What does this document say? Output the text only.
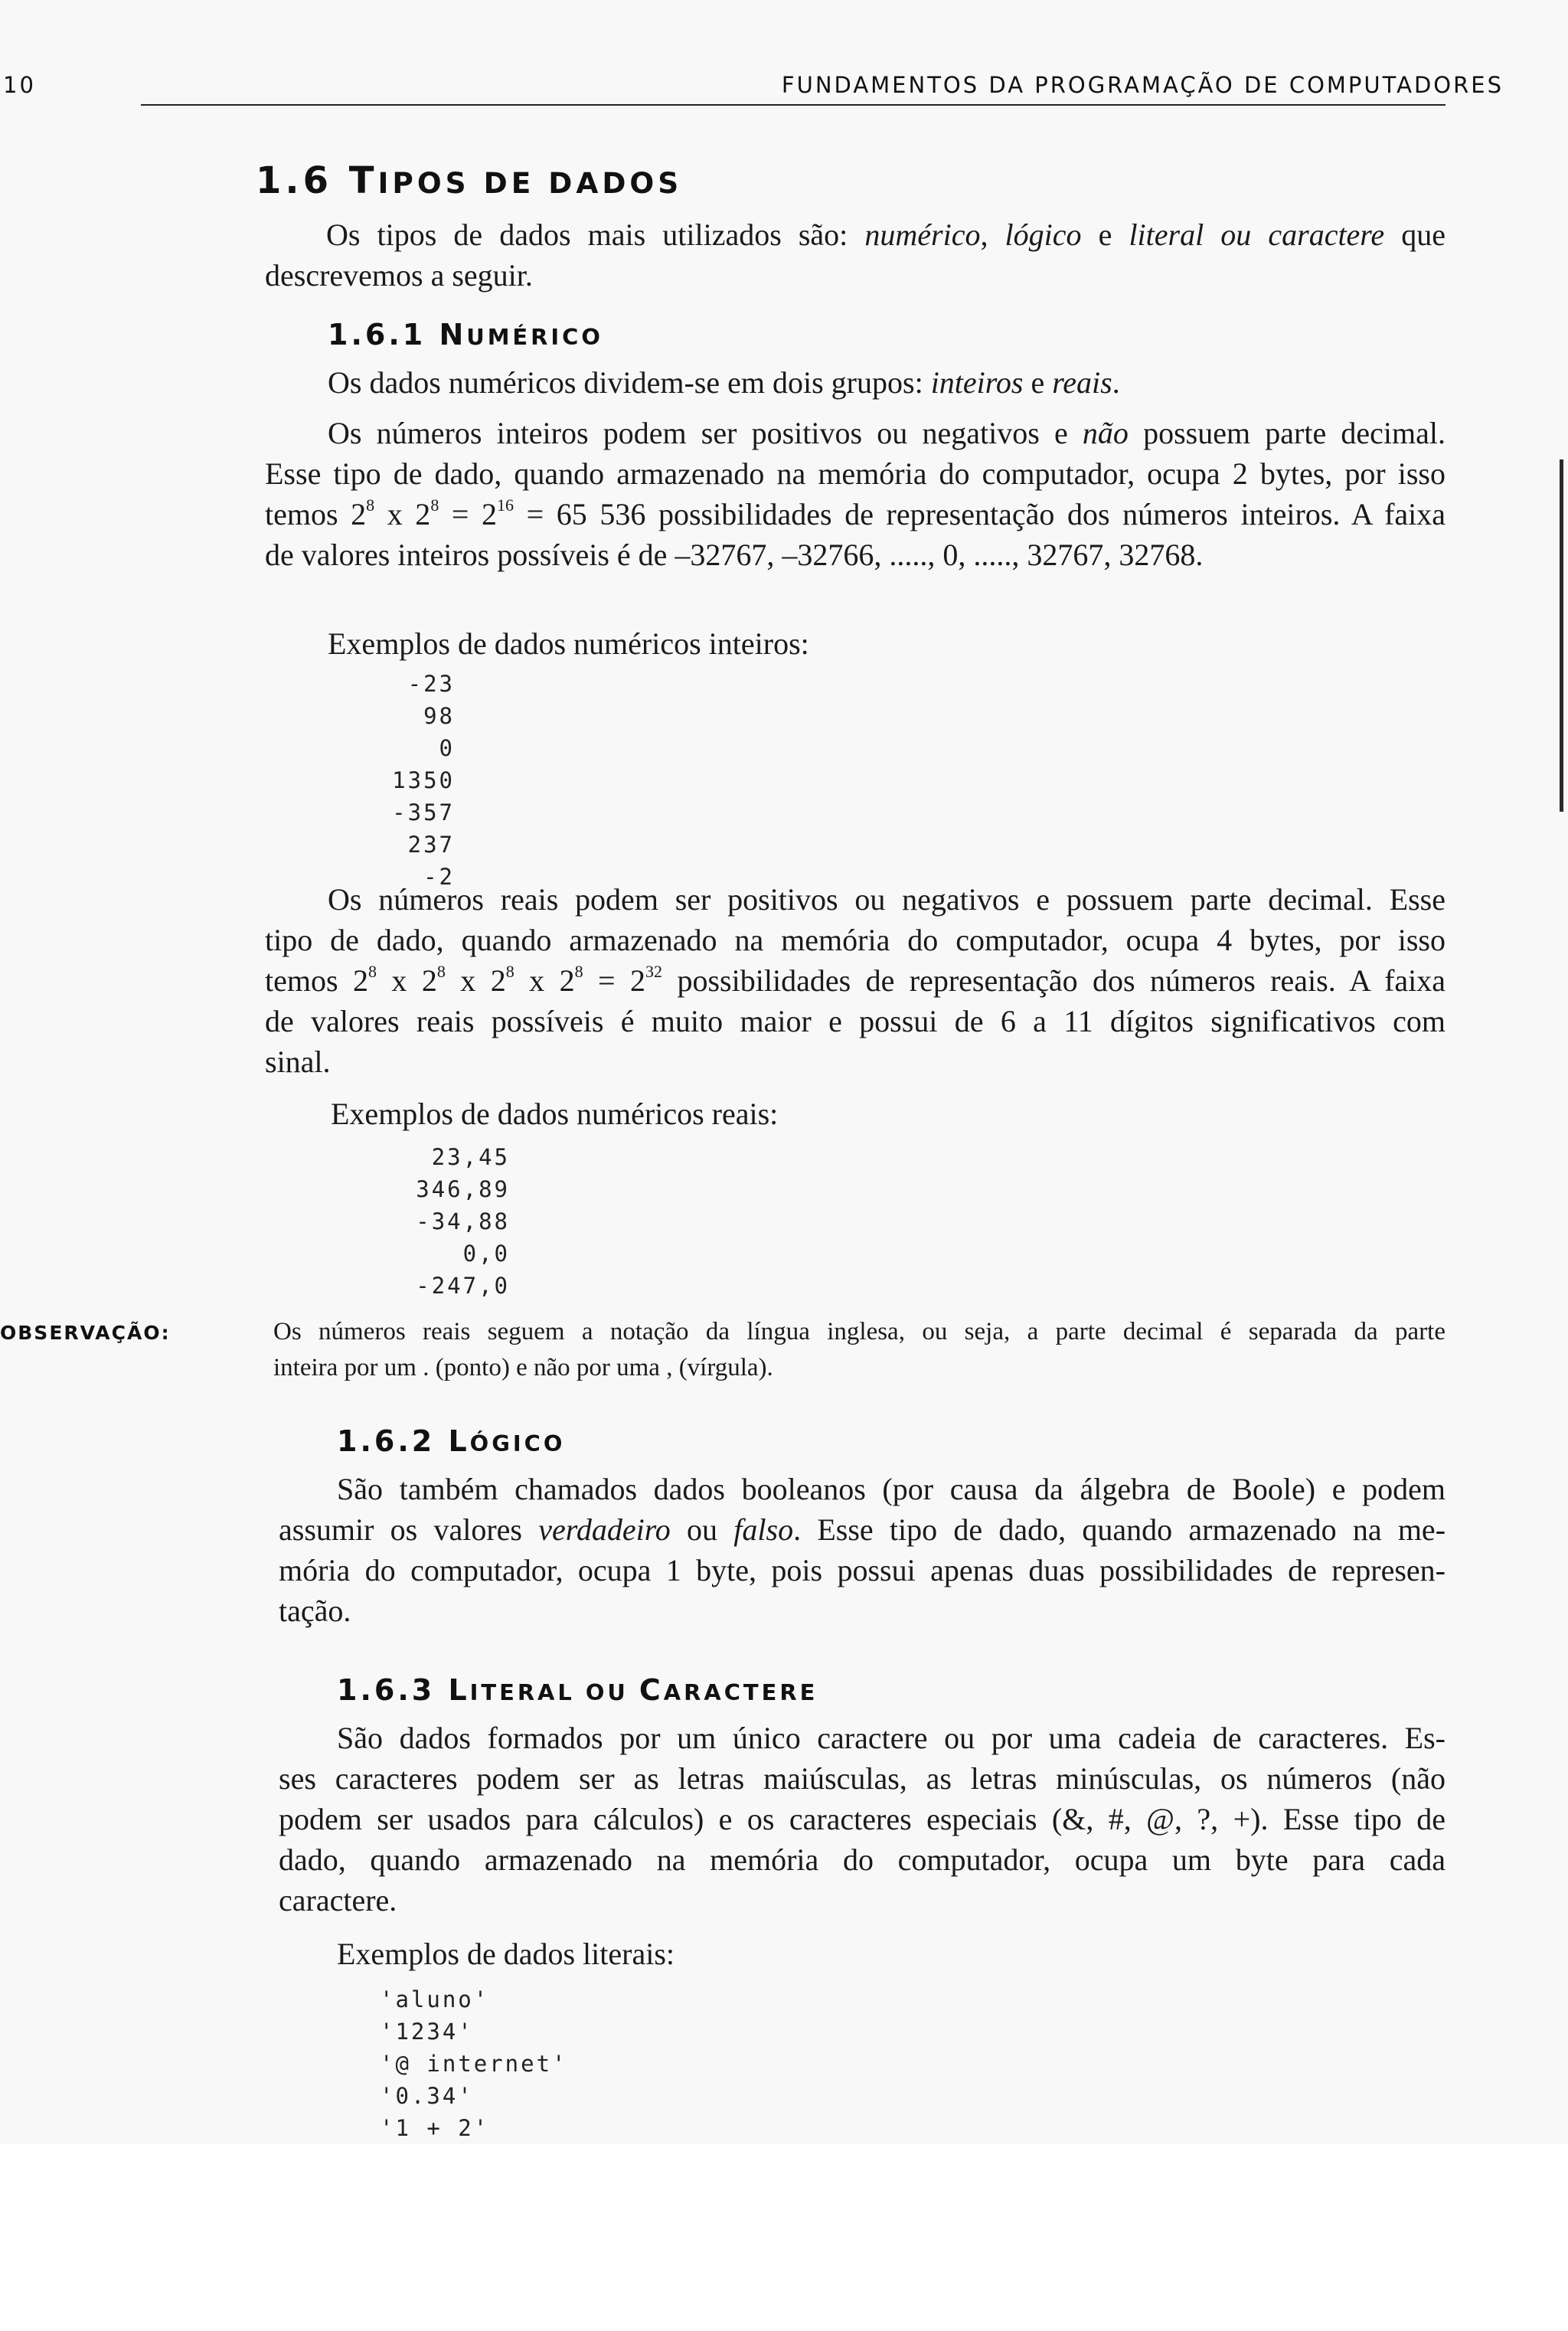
10	FUNDAMENTOS DA PROGRAMAÇÃO DE COMPUTADORES
1.6 TIPOS DE DADOS
Os tipos de dados mais utilizados são: numérico, lógico e literal ou caractere que
descrevemos a seguir.
1.6.1 NUMÉRICO
Os dados numéricos dividem-se em dois grupos: inteiros e reais.
Os números inteiros podem ser positivos ou negativos e não possuem parte decimal.
Esse tipo de dado, quando armazenado na memória do computador, ocupa 2 bytes, por isso
temos $2^8$ x $2^8 = 2^{16} = 65$ 536 possibilidades de representação dos números inteiros. A faixa
de valores inteiros possíveis é de –32767, –32766, ....., 0, ....., 32767, 32768.
Exemplos de dados numéricos inteiros:
-23
98
0
1350
-357
237
-2
Os números reais podem ser positivos ou negativos e possuem parte decimal. Esse
tipo de dado, quando armazenado na memória do computador, ocupa 4 bytes, por isso
temos $2^8$ x $2^8$ x $2^8$ x $2^8 = 2^{32}$ possibilidades de representação dos números reais. A faixa
de valores reais possíveis é muito maior e possui de 6 a 11 dígitos significativos com
sinal.
Exemplos de dados numéricos reais:
23,45
346,89
-34,88
0,0
-247,0
OBSERVAÇÃO:	Os números reais seguem a notação da língua inglesa, ou seja, a parte decimal é separada da parte
inteira por um . (ponto) e não por uma , (vírgula).
1.6.2 LÓGICO
São também chamados dados booleanos (por causa da álgebra de Boole) e podem
assumir os valores verdadeiro ou falso. Esse tipo de dado, quando armazenado na me-
mória do computador, ocupa 1 byte, pois possui apenas duas possibilidades de represen-
tação.
1.6.3 LITERAL OU CARACTERE
São dados formados por um único caractere ou por uma cadeia de caracteres. Es-
ses caracteres podem ser as letras maiúsculas, as letras minúsculas, os números (não
podem ser usados para cálculos) e os caracteres especiais (&, #, @, ?, +). Esse tipo de
dado, quando armazenado na memória do computador, ocupa um byte para cada
caractere.
Exemplos de dados literais:
'aluno'
'1234'
'@ internet'
'0.34'
'1 + 2'
